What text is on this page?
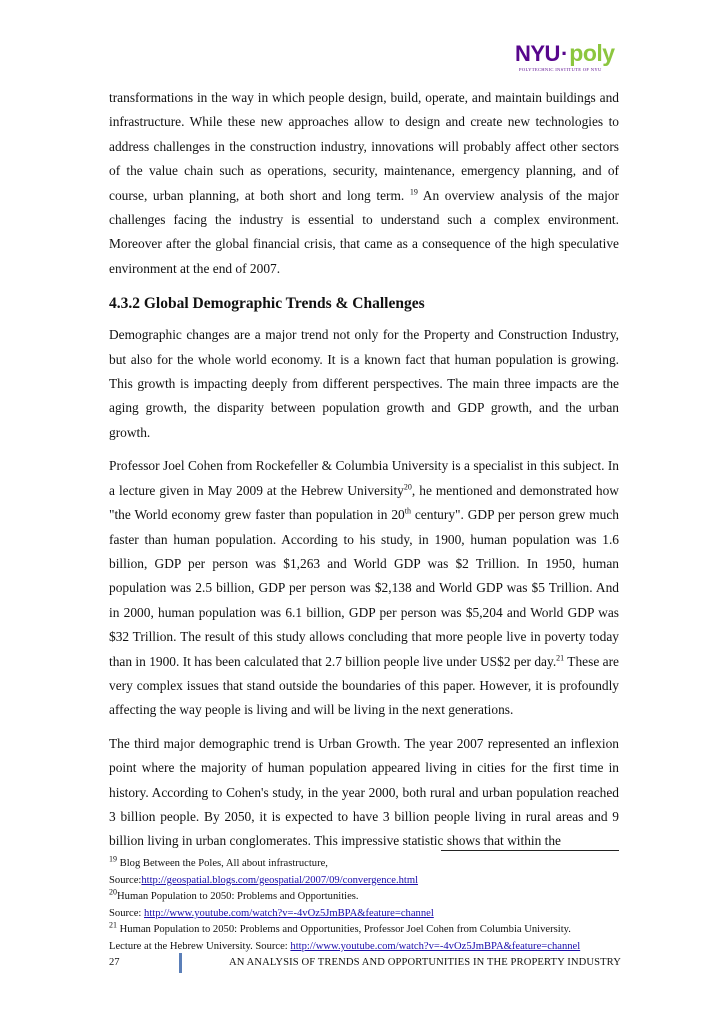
NYU · poly
POLYTECHNIC INSTITUTE OF NYU

transformations in the way in which people design, build, operate, and maintain buildings and infrastructure. While these new approaches allow to design and create new technologies to address challenges in the construction industry, innovations will probably affect other sectors of the value chain such as operations, security, maintenance, emergency planning, and of course, urban planning, at both short and long term. $^{19}$ An overview analysis of the major challenges facing the industry is essential to understand such a complex environment. Moreover after the global financial crisis, that came as a consequence of the high speculative environment at the end of 2007.

4.3.2 Global Demographic Trends & Challenges

Demographic changes are a major trend not only for the Property and Construction Industry, but also for the whole world economy. It is a known fact that human population is growing. This growth is impacting deeply from different perspectives. The main three impacts are the aging growth, the disparity between population growth and GDP growth, and the urban growth.

Professor Joel Cohen from Rockefeller & Columbia University is a specialist in this subject. In a lecture given in May 2009 at the Hebrew University$^{20}$, he mentioned and demonstrated how "the World economy grew faster than population in 20th century". GDP per person grew much faster than human population. According to his study, in 1900, human population was 1.6 billion, GDP per person was $1,263 and World GDP was $2 Trillion. In 1950, human population was 2.5 billion, GDP per person was $2,138 and World GDP was $5 Trillion. And in 2000, human population was 6.1 billion, GDP per person was $5,204 and World GDP was $32 Trillion. The result of this study allows concluding that more people live in poverty today than in 1900. It has been calculated that 2.7 billion people live under US$2 per day.$^{21}$ These are very complex issues that stand outside the boundaries of this paper. However, it is profoundly affecting the way people is living and will be living in the next generations.

The third major demographic trend is Urban Growth. The year 2007 represented an inflexion point where the majority of human population appeared living in cities for the first time in history. According to Cohen's study, in the year 2000, both rural and urban population reached 3 billion people. By 2050, it is expected to have 3 billion people living in rural areas and 9 billion living in urban conglomerates. This impressive statistic shows that within the

$^{19}$ Blog Between the Poles, All about infrastructure,

Source:http://geospatial.blogs.com/geospatial/2007/09/convergence.html

$^{20}$Human Population to 2050: Problems and Opportunities.

Source: http://www.youtube.com/watch?v=-4vOz5JmBPA&feature=channel

$^{21}$ Human Population to 2050: Problems and Opportunities, Professor Joel Cohen from Columbia University.

Lecture at the Hebrew University. Source: http://www.youtube.com/watch?v=-4vOz5JmBPA&feature=channel

27	AN ANALYSIS OF TRENDS AND OPPORTUNITIES IN THE PROPERTY INDUSTRY
